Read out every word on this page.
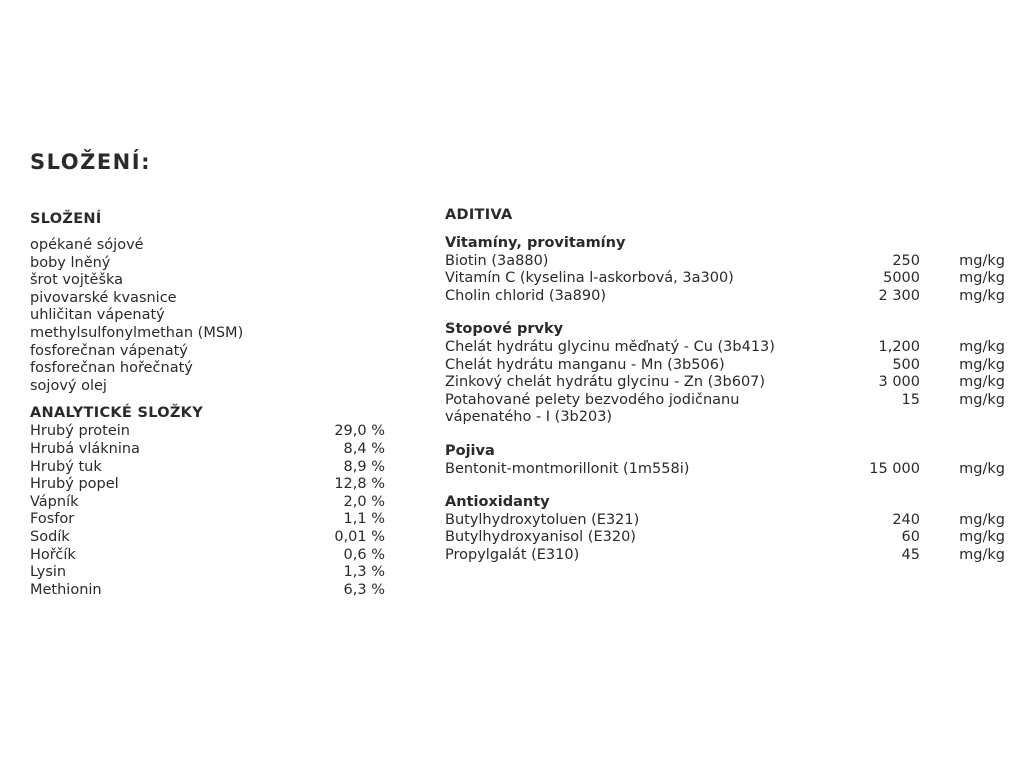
SLOŽENÍ:
SLOŽENÍ
opékané sójové
boby lněný
šrot vojtěška
pivovarské kvasnice
uhličitan vápenatý
methylsulfonylmethan (MSM)
fosforečnan vápenatý
fosforečnan hořečnatý
sojový olej
ANALYTICKÉ SLOŽKY
Hrubý protein	29,0 %
Hrubá vláknina	8,4 %
Hrubý tuk	8,9 %
Hrubý popel	12,8 %
Vápník	2,0 %
Fosfor	1,1 %
Sodík	0,01 %
Hořčík	0,6 %
Lysin	1,3 %
Methionin	6,3 %
ADITIVA
Vitamíny, provitamíny
Biotin (3a880)	250	mg/kg
Vitamín C (kyselina l-askorbová, 3a300)	5000	mg/kg
Cholin chlorid (3a890)	2 300	mg/kg
Stopové prvky
Chelát hydrátu glycinu měďnatý - Cu (3b413)	1,200	mg/kg
Chelát hydrátu manganu - Mn (3b506)	500	mg/kg
Zinkový chelát hydrátu glycinu - Zn (3b607)	3 000	mg/kg
Potahované pelety bezvodého jodičnanu	15	mg/kg
vápenatého - I (3b203)
Pojiva
Bentonit-montmorillonit (1m558i)	15 000	mg/kg
Antioxidanty
Butylhydroxytoluen (E321)	240	mg/kg
Butylhydroxyanisol (E320)	60	mg/kg
Propylgalát (E310)	45	mg/kg
